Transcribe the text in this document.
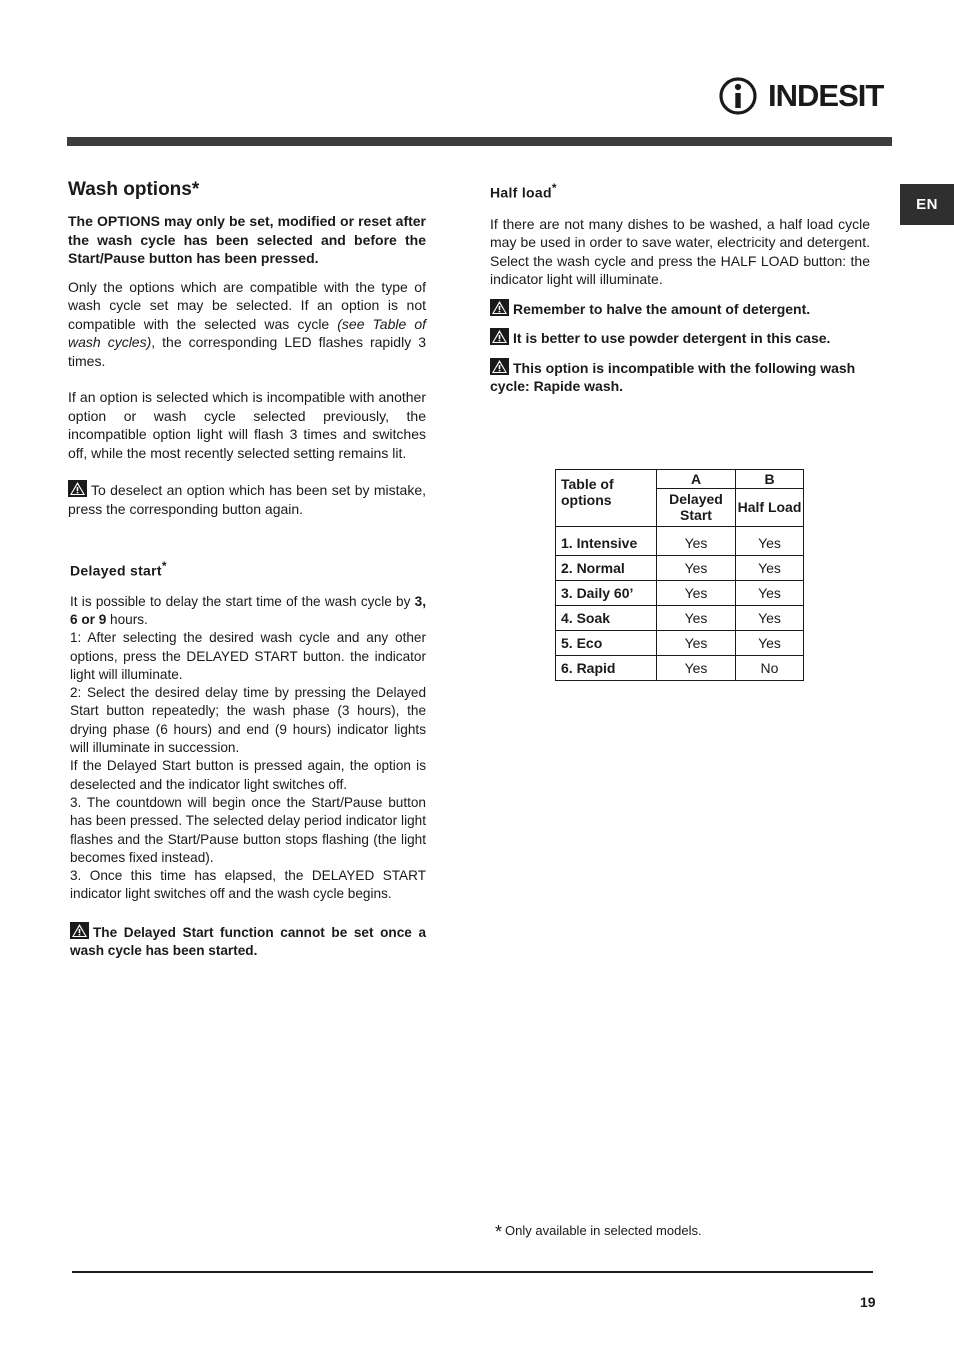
INDESIT
EN
Wash options*

The OPTIONS may only be set, modified or reset after the wash cycle has been selected and before the Start/Pause button has been pressed.

Only the options which are compatible with the type of wash cycle set may be selected. If an option is not compatible with the selected was cycle (see Table of wash cycles), the corresponding LED flashes rapidly 3 times.

If an option is selected which is incompatible with another option or wash cycle selected previously, the incompatible option light will flash 3 times and switches off, while the most recently selected setting remains lit.

To deselect an option which has been set by mistake, press the corresponding button again.

Delayed start*

It is possible to delay the start time of the wash cycle by 3, 6 or 9 hours.

1: After selecting the desired wash cycle and any other options, press the DELAYED START button. the indicator light will illuminate.

2: Select the desired delay time by pressing the Delayed Start button repeatedly; the wash phase (3 hours), the drying phase (6 hours) and end (9 hours) indicator lights will illuminate in succession.

If the Delayed Start button is pressed again, the option is deselected and the indicator light switches off.

3. The countdown will begin once the Start/Pause button has been pressed. The selected delay period indicator light flashes and the Start/Pause button stops flashing (the light becomes fixed instead).

3. Once this time has elapsed, the DELAYED START indicator light switches off and the wash cycle begins.

The Delayed Start function cannot be set once a wash cycle has been started.

Half load*

If there are not many dishes to be washed, a half load cycle may be used in order to save water, electricity and detergent. Select the wash cycle and press the HALF LOAD button: the indicator light will illuminate.

Remember to halve the amount of detergent.

It is better to use powder detergent in this case.

This option is incompatible with the following wash cycle: Rapide wash.

Table of options	A	B
	Delayed Start	Half Load
1. Intensive	Yes	Yes
2. Normal	Yes	Yes
3. Daily 60’	Yes	Yes
4. Soak	Yes	Yes
5. Eco	Yes	Yes
6. Rapid	Yes	No
* Only available in selected models.
19
